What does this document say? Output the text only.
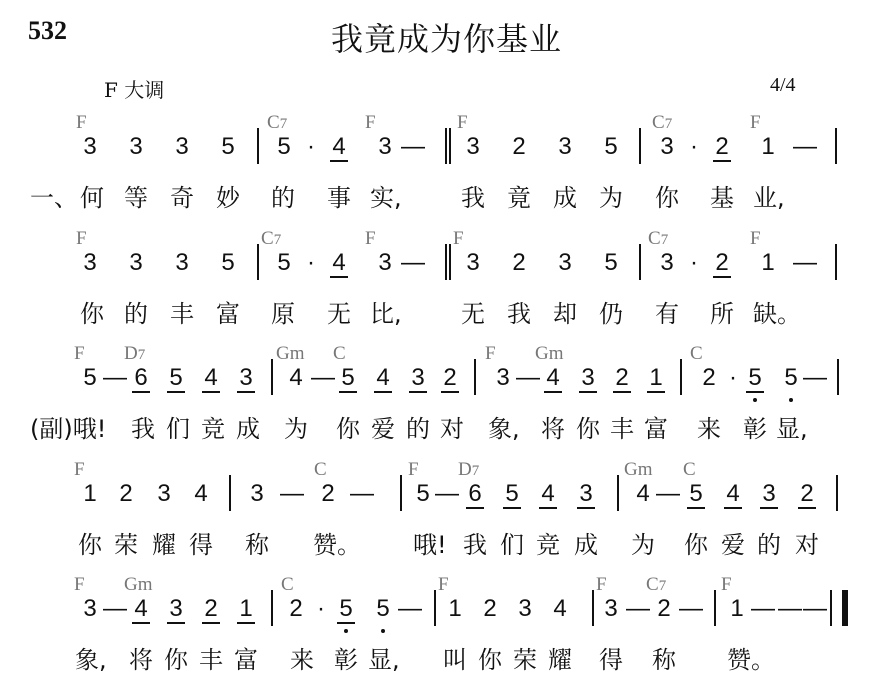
532	我竟成为你基业
F 大调	4/4
F	C7	F	F	C7	F
3 3 3 5 5 · 4 3 — 3 2 3 5 3 · 2 1 —
一、 何 等 奇 妙 的 事 实, 我 竟 成 为 你 基 业,
F	C7	F	F	C7	F
3 3 3 5 5 · 4 3 — 3 2 3 5 3 · 2 1 —
你 的 丰 富 原 无 比, 无 我 却 仍 有 所 缺。
F D7	Gm C	F Gm	C
5 — 6 5 4 3 4 — 5 4 3 2 3 — 4 3 2 1 2 · 5 5 —
(副)哦! 我 们 竞 成 为 你 爱 的 对 象, 将 你 丰 富 来 彰 显,
F	C	F D7	Gm C
1 2 3 4 3 — 2 — 5 — 6 5 4 3 4 — 5 4 3 2
你 荣 耀 得 称 赞。 哦! 我 们 竞 成 为 你 爱 的 对
F Gm	C	F	F C7	F
3 — 4 3 2 1 2 · 5 5 — 1 2 3 4 3 — 2 — 1 — — —
象, 将 你 丰 富 来 彰 显, 叫 你 荣 耀 得 称 赞。
